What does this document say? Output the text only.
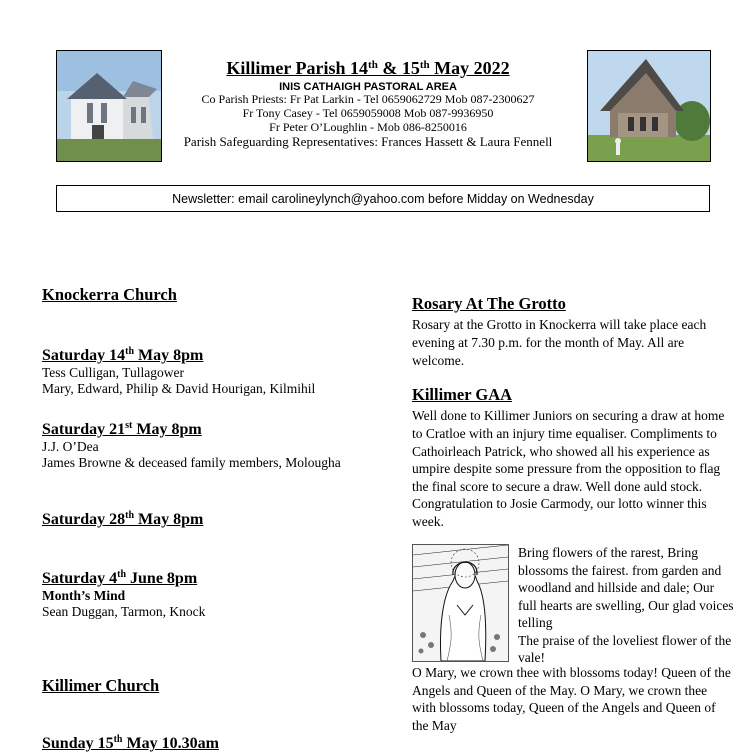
Killimer Parish 14th & 15th May 2022
INIS CATHAIGH PASTORAL AREA
Co Parish Priests: Fr Pat Larkin - Tel 0659062729 Mob 087-2300627
Fr Tony Casey - Tel 0659059008 Mob 087-9936950
Fr Peter O’Loughlin - Mob 086-8250016
Parish Safeguarding Representatives: Frances Hassett & Laura Fennell
Newsletter: email carolineylynch@yahoo.com before Midday on Wednesday
Knockerra Church
Saturday 14th May 8pm
Tess Culligan, Tullagower
Mary, Edward, Philip & David Hourigan, Kilmihil
Saturday 21st May 8pm
J.J. O’Dea
James Browne & deceased family members, Molougha
Saturday 28th May 8pm
Saturday 4th June 8pm
Month’s Mind
Sean Duggan, Tarmon, Knock
Killimer Church
Sunday 15th May 10.30am
Rosary At The Grotto
Rosary at the Grotto in Knockerra will take place each evening at 7.30 p.m. for the month of May. All are welcome.
Killimer GAA
Well done to Killimer Juniors on securing a draw at home to Cratloe with an injury time equaliser. Compliments to Cathoirleach Patrick, who showed all his experience as umpire despite some pressure from the opposition to flag the final score to secure a draw. Well done auld stock. Congratulation to Josie Carmody, our lotto winner this week.
Bring flowers of the rarest, Bring blossoms the fairest. from garden and woodland and hillside and dale; Our full hearts are swelling, Our glad voices telling
The praise of the loveliest flower of the vale!
O Mary, we crown thee with blossoms today! Queen of the Angels and Queen of the May. O Mary, we crown thee with blossoms today, Queen of the Angels and Queen of the May
